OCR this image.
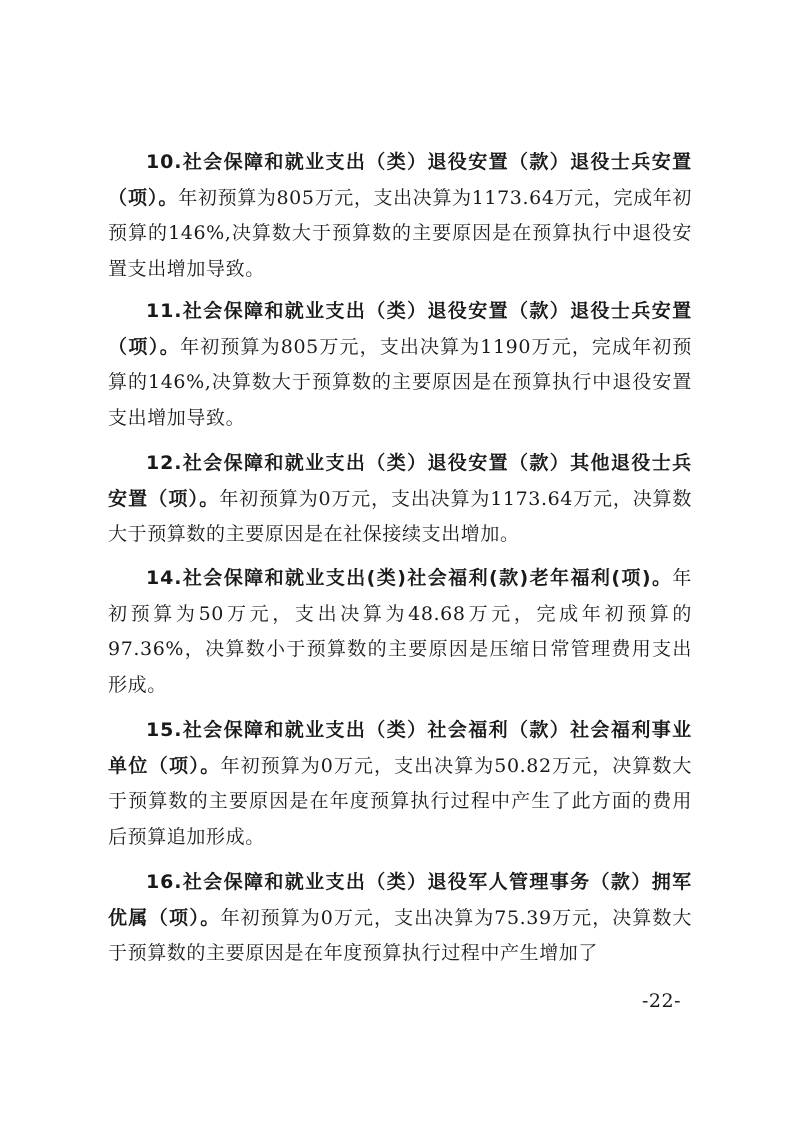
10.社会保障和就业支出（类）退役安置（款）退役士兵安置（项）。年初预算为805万元，支出决算为1173.64万元，完成年初预算的146%,决算数大于预算数的主要原因是在预算执行中退役安置支出增加导致。

11.社会保障和就业支出（类）退役安置（款）退役士兵安置（项）。年初预算为805万元，支出决算为1190万元，完成年初预算的146%,决算数大于预算数的主要原因是在预算执行中退役安置支出增加导致。

12.社会保障和就业支出（类）退役安置（款）其他退役士兵安置（项）。年初预算为0万元，支出决算为1173.64万元，决算数大于预算数的主要原因是在社保接续支出增加。

14.社会保障和就业支出(类)社会福利(款)老年福利(项)。年初预算为50万元，支出决算为48.68万元，完成年初预算的97.36%，决算数小于预算数的主要原因是压缩日常管理费用支出形成。

15.社会保障和就业支出（类）社会福利（款）社会福利事业单位（项）。年初预算为0万元，支出决算为50.82万元，决算数大于预算数的主要原因是在年度预算执行过程中产生了此方面的费用后预算追加形成。

16.社会保障和就业支出（类）退役军人管理事务（款）拥军优属（项）。年初预算为0万元，支出决算为75.39万元，决算数大于预算数的主要原因是在年度预算执行过程中产生增加了

-22-
